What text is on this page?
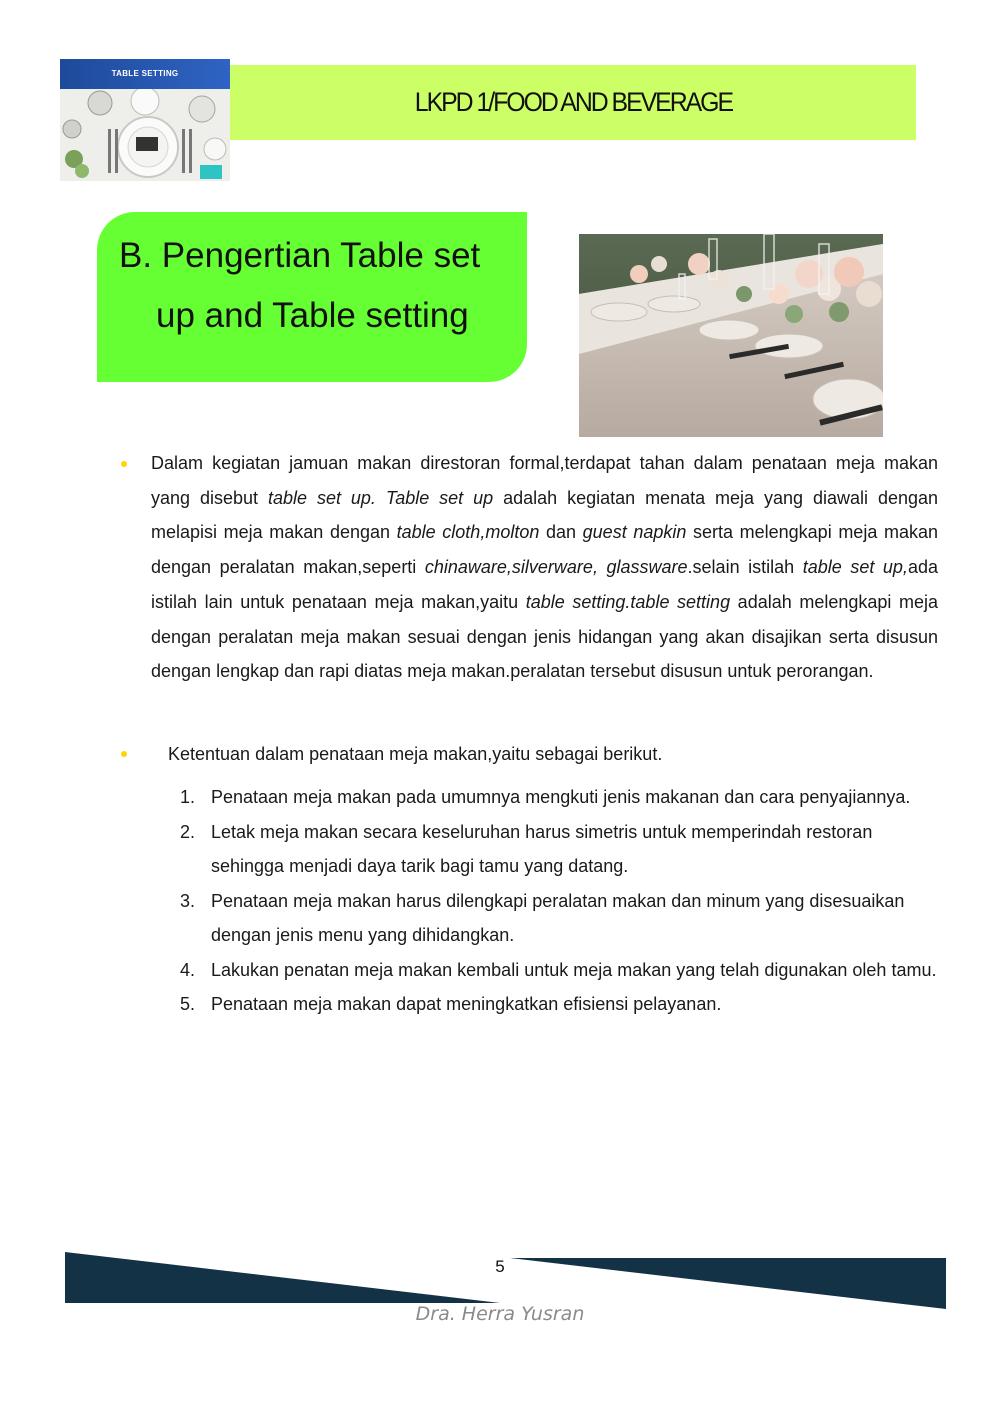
TABLE SETTING
LKPD 1/FOOD AND BEVERAGE
B. Pengertian Table set
up and Table setting
Dalam kegiatan jamuan makan direstoran formal,terdapat tahan dalam penataan meja makan yang disebut table set up. Table set up adalah kegiatan menata meja yang diawali dengan melapisi meja makan dengan table cloth,molton dan guest napkin serta melengkapi meja makan dengan peralatan makan,seperti chinaware,silverware, glassware.selain istilah table set up,ada istilah lain untuk penataan meja makan,yaitu table setting.table setting adalah melengkapi meja dengan peralatan meja makan sesuai dengan jenis hidangan yang akan disajikan serta disusun dengan lengkap dan rapi diatas meja makan.peralatan tersebut disusun untuk perorangan.
Ketentuan dalam penataan meja makan,yaitu sebagai berikut.
1. Penataan meja makan pada umumnya mengkuti jenis makanan dan cara penyajiannya.
2. Letak meja makan secara keseluruhan harus simetris untuk memperindah restoran sehingga menjadi daya tarik bagi tamu yang datang.
3. Penataan meja makan harus dilengkapi peralatan makan dan minum yang disesuaikan dengan jenis menu yang dihidangkan.
4. Lakukan penatan meja makan kembali untuk meja makan yang telah digunakan oleh tamu.
5. Penataan meja makan dapat meningkatkan efisiensi pelayanan.
5
Dra. Herra Yusran
